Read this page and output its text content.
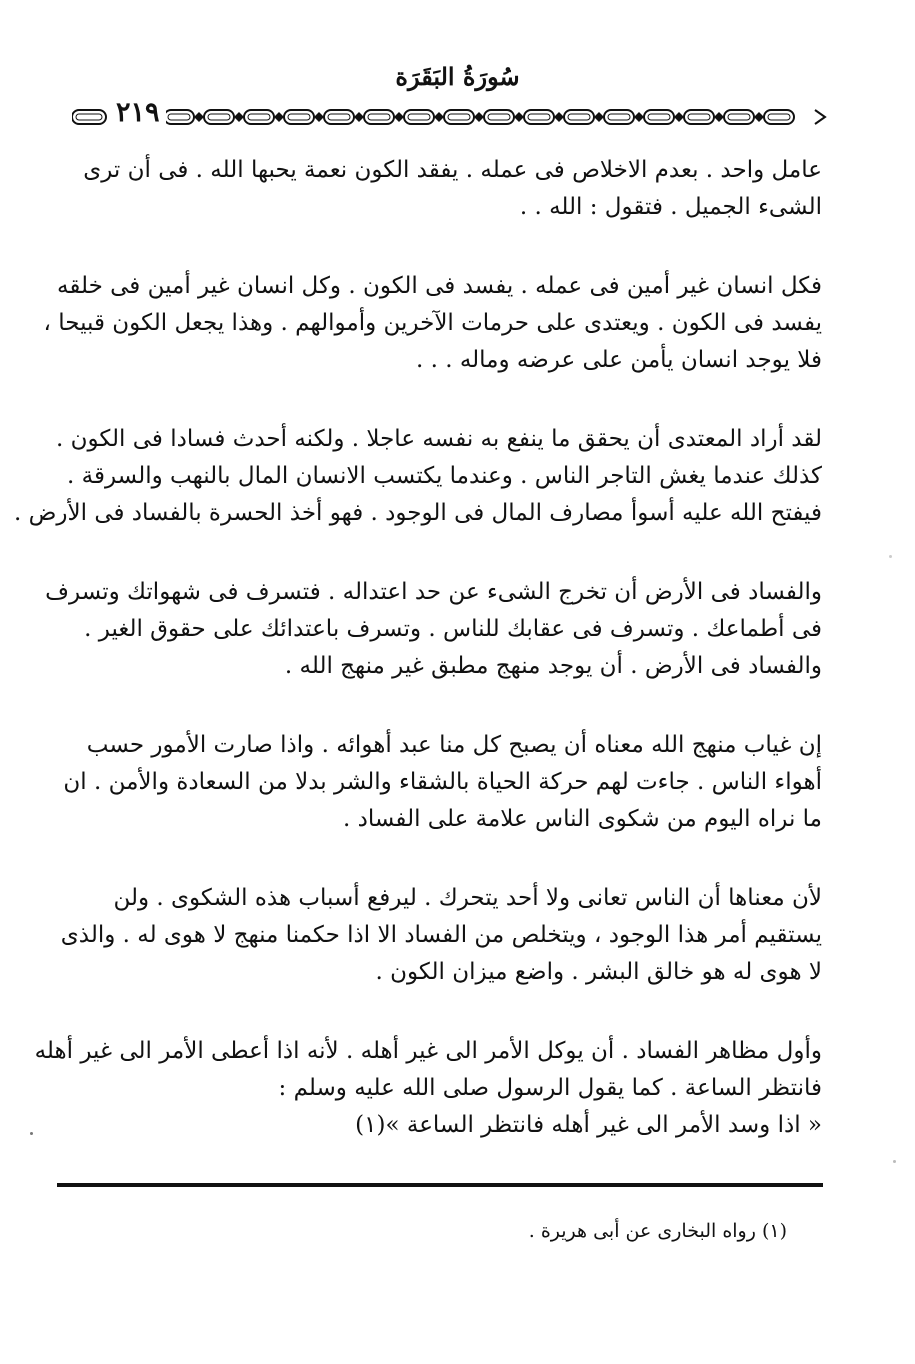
سُورَةُ البَقَرَة
٢١٩
عامل واحد . بعدم الاخلاص فى عمله . يفقد الكون نعمة يحبها الله . فى أن ترى
الشىء الجميل . فتقول : الله . .
فكل انسان غير أمين فى عمله . يفسد فى الكون . وكل انسان غير أمين فى خلقه
يفسد فى الكون . ويعتدى على حرمات الآخرين وأموالهم . وهذا يجعل الكون قبيحا ،
فلا يوجد انسان يأمن على عرضه وماله . . .
لقد أراد المعتدى أن يحقق ما ينفع به نفسه عاجلا . ولكنه أحدث فسادا فى الكون .
كذلك عندما يغش التاجر الناس . وعندما يكتسب الانسان المال بالنهب والسرقة .
فيفتح الله عليه أسوأ مصارف المال فى الوجود . فهو أخذ الحسرة بالفساد فى الأرض .
والفساد فى الأرض أن تخرج الشىء عن حد اعتداله . فتسرف فى شهواتك وتسرف
فى أطماعك . وتسرف فى عقابك للناس . وتسرف باعتدائك على حقوق الغير .
والفساد فى الأرض . أن يوجد منهج مطبق غير منهج الله .
إن غياب منهج الله معناه أن يصبح كل منا عبد أهوائه . واذا صارت الأمور حسب
أهواء الناس . جاءت لهم حركة الحياة بالشقاء والشر بدلا من السعادة والأمن . ان
ما نراه اليوم من شكوى الناس علامة على الفساد .
لأن معناها أن الناس تعانى ولا أحد يتحرك . ليرفع أسباب هذه الشكوى . ولن
يستقيم أمر هذا الوجود ، ويتخلص من الفساد الا اذا حكمنا منهج لا هوى له . والذى
لا هوى له هو خالق البشر . واضع ميزان الكون .
وأول مظاهر الفساد . أن يوكل الأمر الى غير أهله . لأنه اذا أعطى الأمر الى غير أهله
فانتظر الساعة . كما يقول الرسول صلى الله عليه وسلم :
« اذا وسد الأمر الى غير أهله فانتظر الساعة »(١)
(١) رواه البخارى عن أبى هريرة .
